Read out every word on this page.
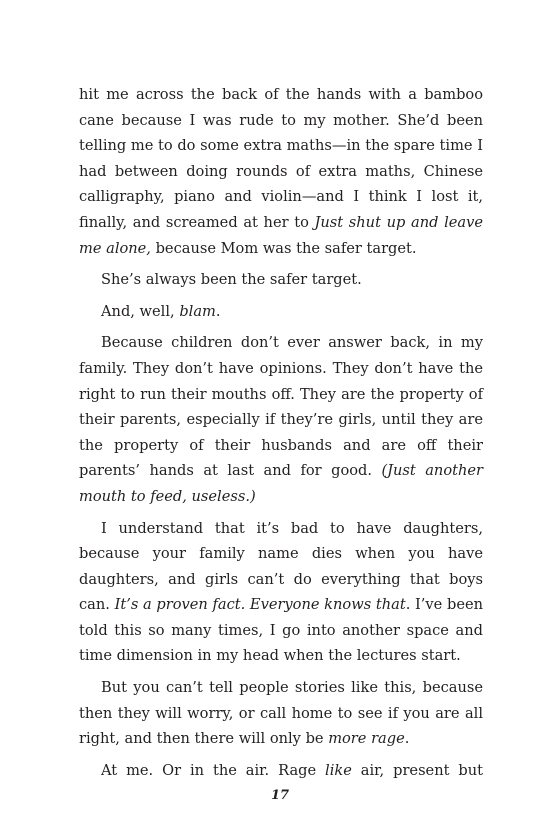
hit me across the back of the hands with a bamboo cane because I was rude to my mother. She’d been telling me to do some extra maths—in the spare time I had between doing rounds of extra maths, Chinese calligraphy, piano and violin—and I think I lost it, finally, and screamed at her to Just shut up and leave me alone, because Mom was the safer target.

She’s always been the safer target.

And, well, blam.

Because children don’t ever answer back, in my family. They don’t have opinions. They don’t have the right to run their mouths off. They are the property of their parents, especially if they’re girls, until they are the property of their husbands and are off their parents’ hands at last and for good. (Just another mouth to feed, useless.)

I understand that it’s bad to have daughters, because your family name dies when you have daughters, and girls can’t do everything that boys can. It’s a proven fact. Everyone knows that. I’ve been told this so many times, I go into another space and time dimension in my head when the lectures start.

But you can’t tell people stories like this, because then they will worry, or call home to see if you are all right, and then there will only be more rage.

At me. Or in the air. Rage like air, present but

17
